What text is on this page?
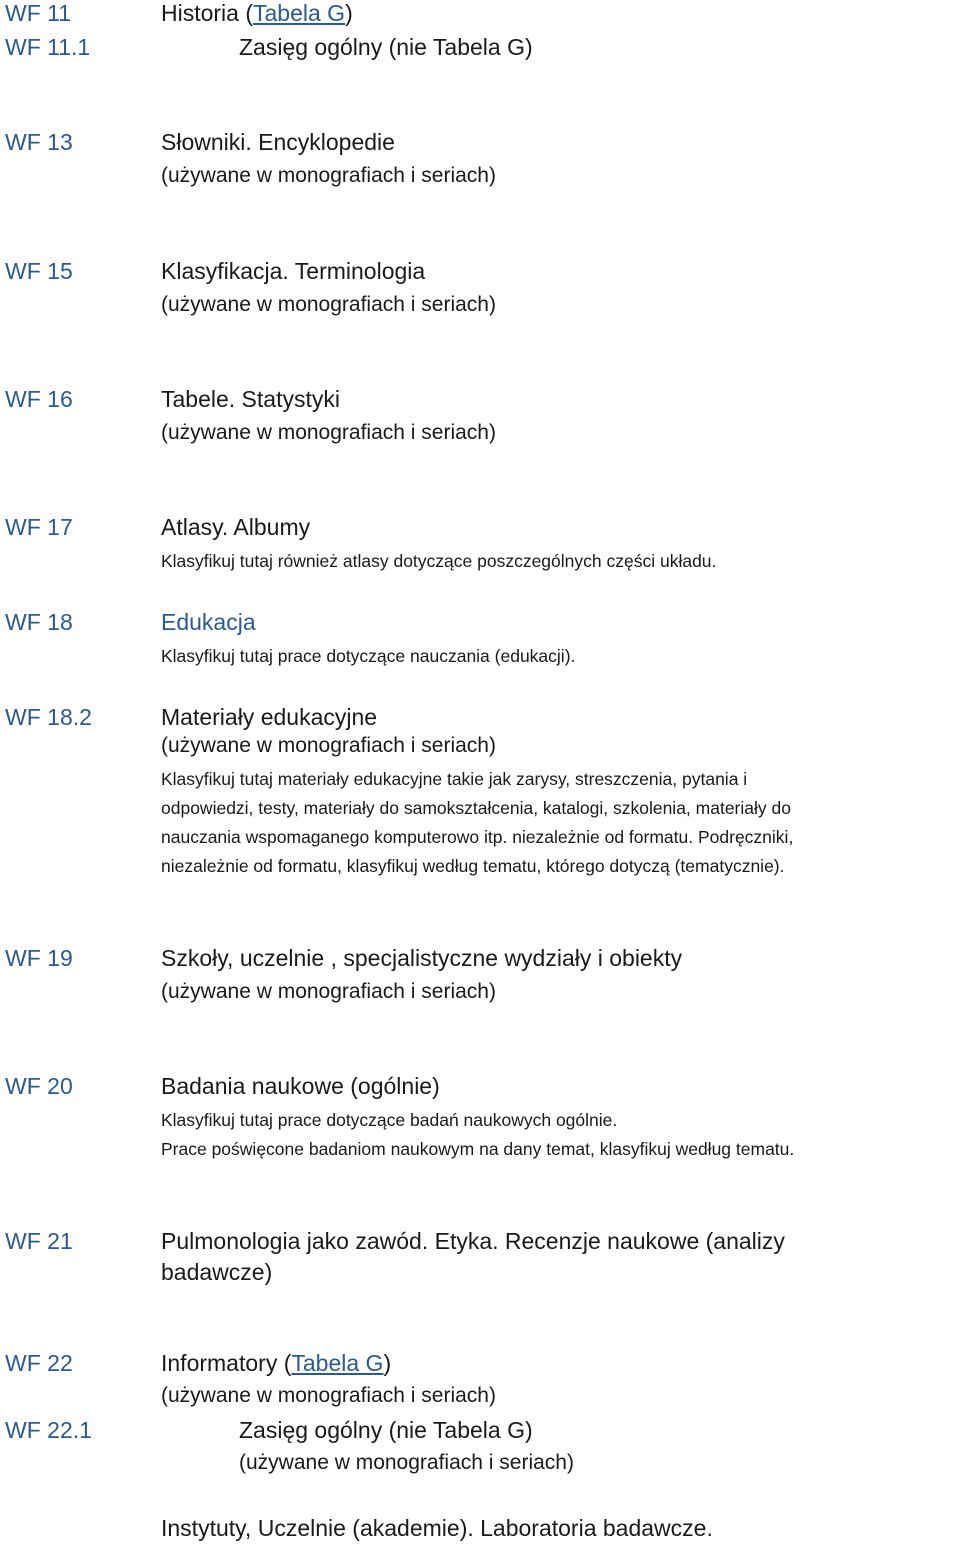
WF 11	Historia (Tabela G)
WF 11.1	Zasięg ogólny (nie Tabela G)
WF 13	Słowniki. Encyklopedie
(używane w monografiach i seriach)
WF 15	Klasyfikacja. Terminologia
(używane w monografiach i seriach)
WF 16	Tabele. Statystyki
(używane w monografiach i seriach)
WF 17	Atlasy. Albumy
Klasyfikuj tutaj również atlasy dotyczące poszczególnych części układu.
WF 18	Edukacja
Klasyfikuj tutaj prace dotyczące nauczania (edukacji).
WF 18.2	Materiały edukacyjne
(używane w monografiach i seriach)
Klasyfikuj tutaj materiały edukacyjne takie jak zarysy, streszczenia, pytania i
odpowiedzi, testy, materiały do samokształcenia, katalogi, szkolenia, materiały do
nauczania wspomaganego komputerowo itp. niezależnie od formatu. Podręczniki,
niezależnie od formatu, klasyfikuj według tematu, którego dotyczą (tematycznie).
WF 19	Szkoły, uczelnie , specjalistyczne wydziały i obiekty
(używane w monografiach i seriach)
WF 20	Badania naukowe (ogólnie)
Klasyfikuj tutaj prace dotyczące badań naukowych ogólnie.
Prace poświęcone badaniom naukowym na dany temat, klasyfikuj według tematu.
WF 21	Pulmonologia jako zawód. Etyka. Recenzje naukowe (analizy
badawcze)
WF 22	Informatory (Tabela G)
(używane w monografiach i seriach)
WF 22.1	Zasięg ogólny (nie Tabela G)
(używane w monografiach i seriach)
Instytuty, Uczelnie (akademie). Laboratoria badawcze.
